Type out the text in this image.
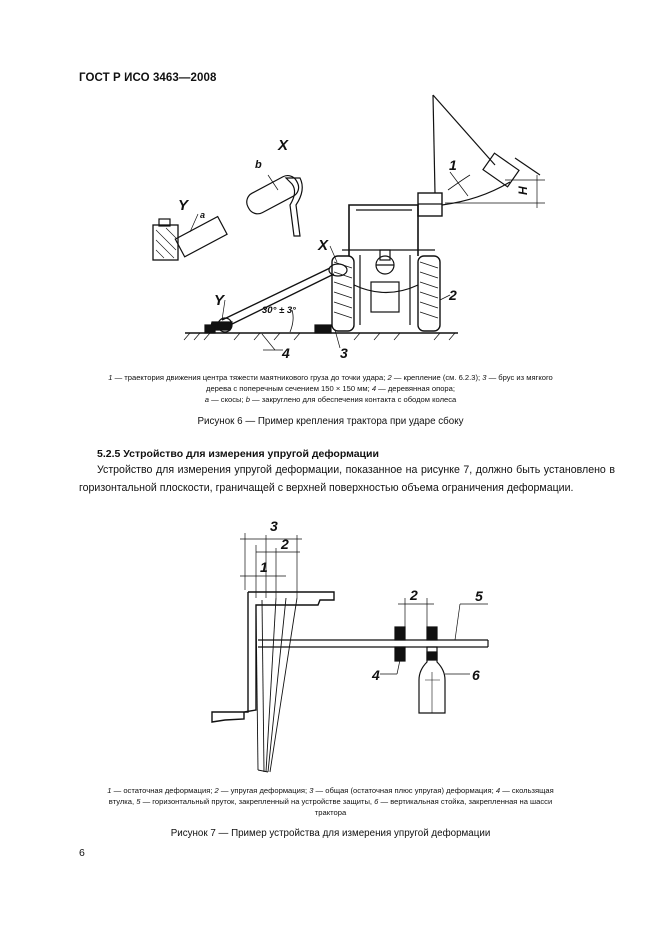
ГОСТ Р ИСО 3463—2008
X
b
Y
a
X
Y
30° ± 3°
1
H
2
3
4
1 — траектория движения центра тяжести маятникового груза до точки удара; 2 — крепление (см. 6.2.3); 3 — брус из мягкого
дерева с поперечным сечением 150 × 150 мм; 4 — деревянная опора;
a — скосы; b — закруглено для обеспечения контакта с ободом колеса
Рисунок 6 — Пример крепления трактора при ударе сбоку
5.2.5 Устройство для измерения упругой деформации
Устройство для измерения упругой деформации, показанное на рисунке 7, должно быть установлено в горизонтальной плоскости, граничащей с верхней поверхностью объема ограничения деформации.
3
2
1
2	5
4	6
1 — остаточная деформация; 2 — упругая деформация; 3 — общая (остаточная плюс упругая) деформация; 4 — скользящая
втулка, 5 — горизонтальный пруток, закрепленный на устройстве защиты, 6 — вертикальная стойка, закрепленная на шасси
трактора
Рисунок 7 — Пример устройства для измерения упругой деформации
6
